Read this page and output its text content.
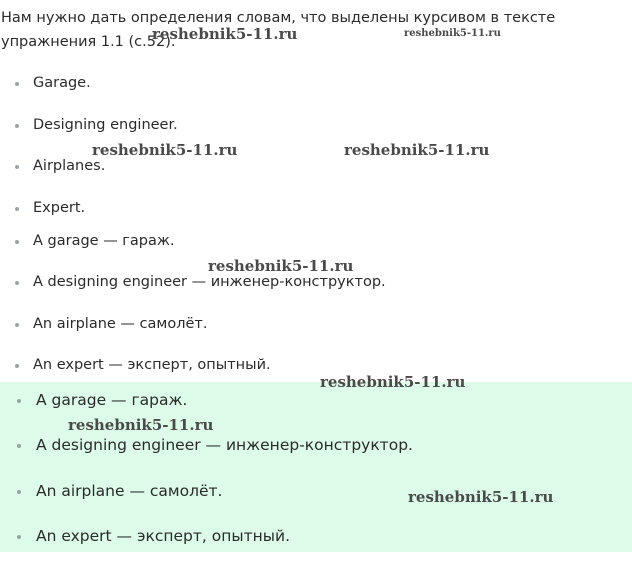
Нам нужно дать определения словам, что выделены курсивом в тексте упражнения 1.1 (с.52).

Garage.
Designing engineer.
Airplanes.
Expert.
A garage — гараж.
A designing engineer — инженер-конструктор.
An airplane — самолёт.
An expert — эксперт, опытный.
A garage — гараж.
A designing engineer — инженер-конструктор.
An airplane — самолёт.
An expert — эксперт, опытный.
reshebnik5-11.ru	reshebnik5-11.ru
reshebnik5-11.ru	reshebnik5-11.ru
reshebnik5-11.ru
reshebnik5-11.ru
reshebnik5-11.ru
reshebnik5-11.ru
